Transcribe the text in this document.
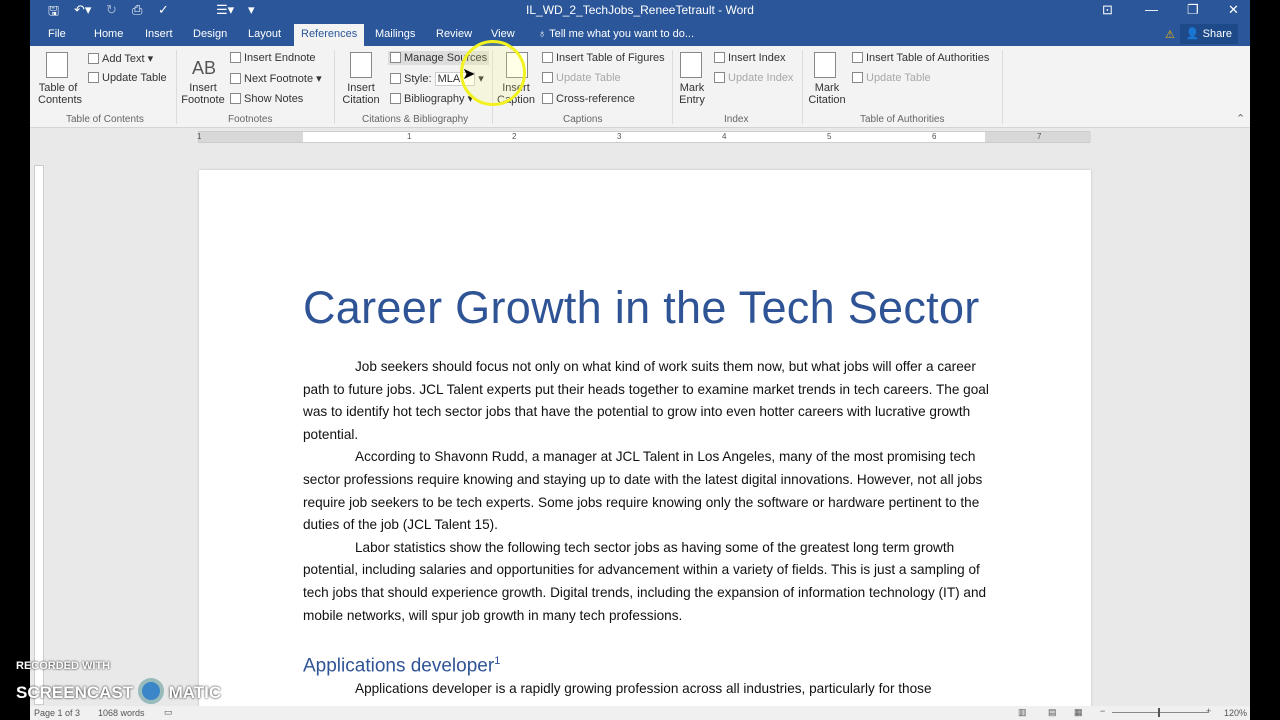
🖫 ↶▾ ↻ ⎙ ✓	☰▾ ▾	IL_WD_2_TechJobs_ReneeTetrault - Word	⊡ — ❐ ✕
File	Home Insert Design Layout	References	Mailings Review View ♁ Tell me what you want to do...	⚠	👤 Share
Table of Contents
Add Text ▾
Update Table
Table of Contents
AB
Insert Footnote
Insert Endnote
Next Footnote ▾
Show Notes
Footnotes
Insert Citation
Manage Sources
Style: MLA ▾
Bibliography ▾
Citations & Bibliography
Insert Caption
Insert Table of Figures
Update Table
Cross-reference
Captions
Mark Entry
Insert Index
Update Index
Index
Mark Citation
Insert Table of Authorities
Update Table
Table of Authorities	⌃
➤
1	1	2	3	4	5	6	7
Career Growth in the Tech Sector

Job seekers should focus not only on what kind of work suits them now, but what jobs will offer a career path to future jobs. JCL Talent experts put their heads together to examine market trends in tech careers. The goal was to identify hot tech sector jobs that have the potential to grow into even hotter careers with lucrative growth potential.

According to Shavonn Rudd, a manager at JCL Talent in Los Angeles, many of the most promising tech sector professions require knowing and staying up to date with the latest digital innovations. However, not all jobs require job seekers to be tech experts. Some jobs require knowing only the software or hardware pertinent to the duties of the job (JCL Talent 15).

Labor statistics show the following tech sector jobs as having some of the greatest long term growth potential, including salaries and opportunities for advancement within a variety of fields. This is just a sampling of tech jobs that should experience growth. Digital trends, including the expansion of information technology (IT) and mobile networks, will spur job growth in many tech professions.

Applications developer$^1$

Applications developer is a rapidly growing profession across all industries, particularly for those

Page 1 of 3 1068 words ▭	▥ ▤ ▦ −	+ 120%
RECORDED WITH
SCREENCAST MATIC
